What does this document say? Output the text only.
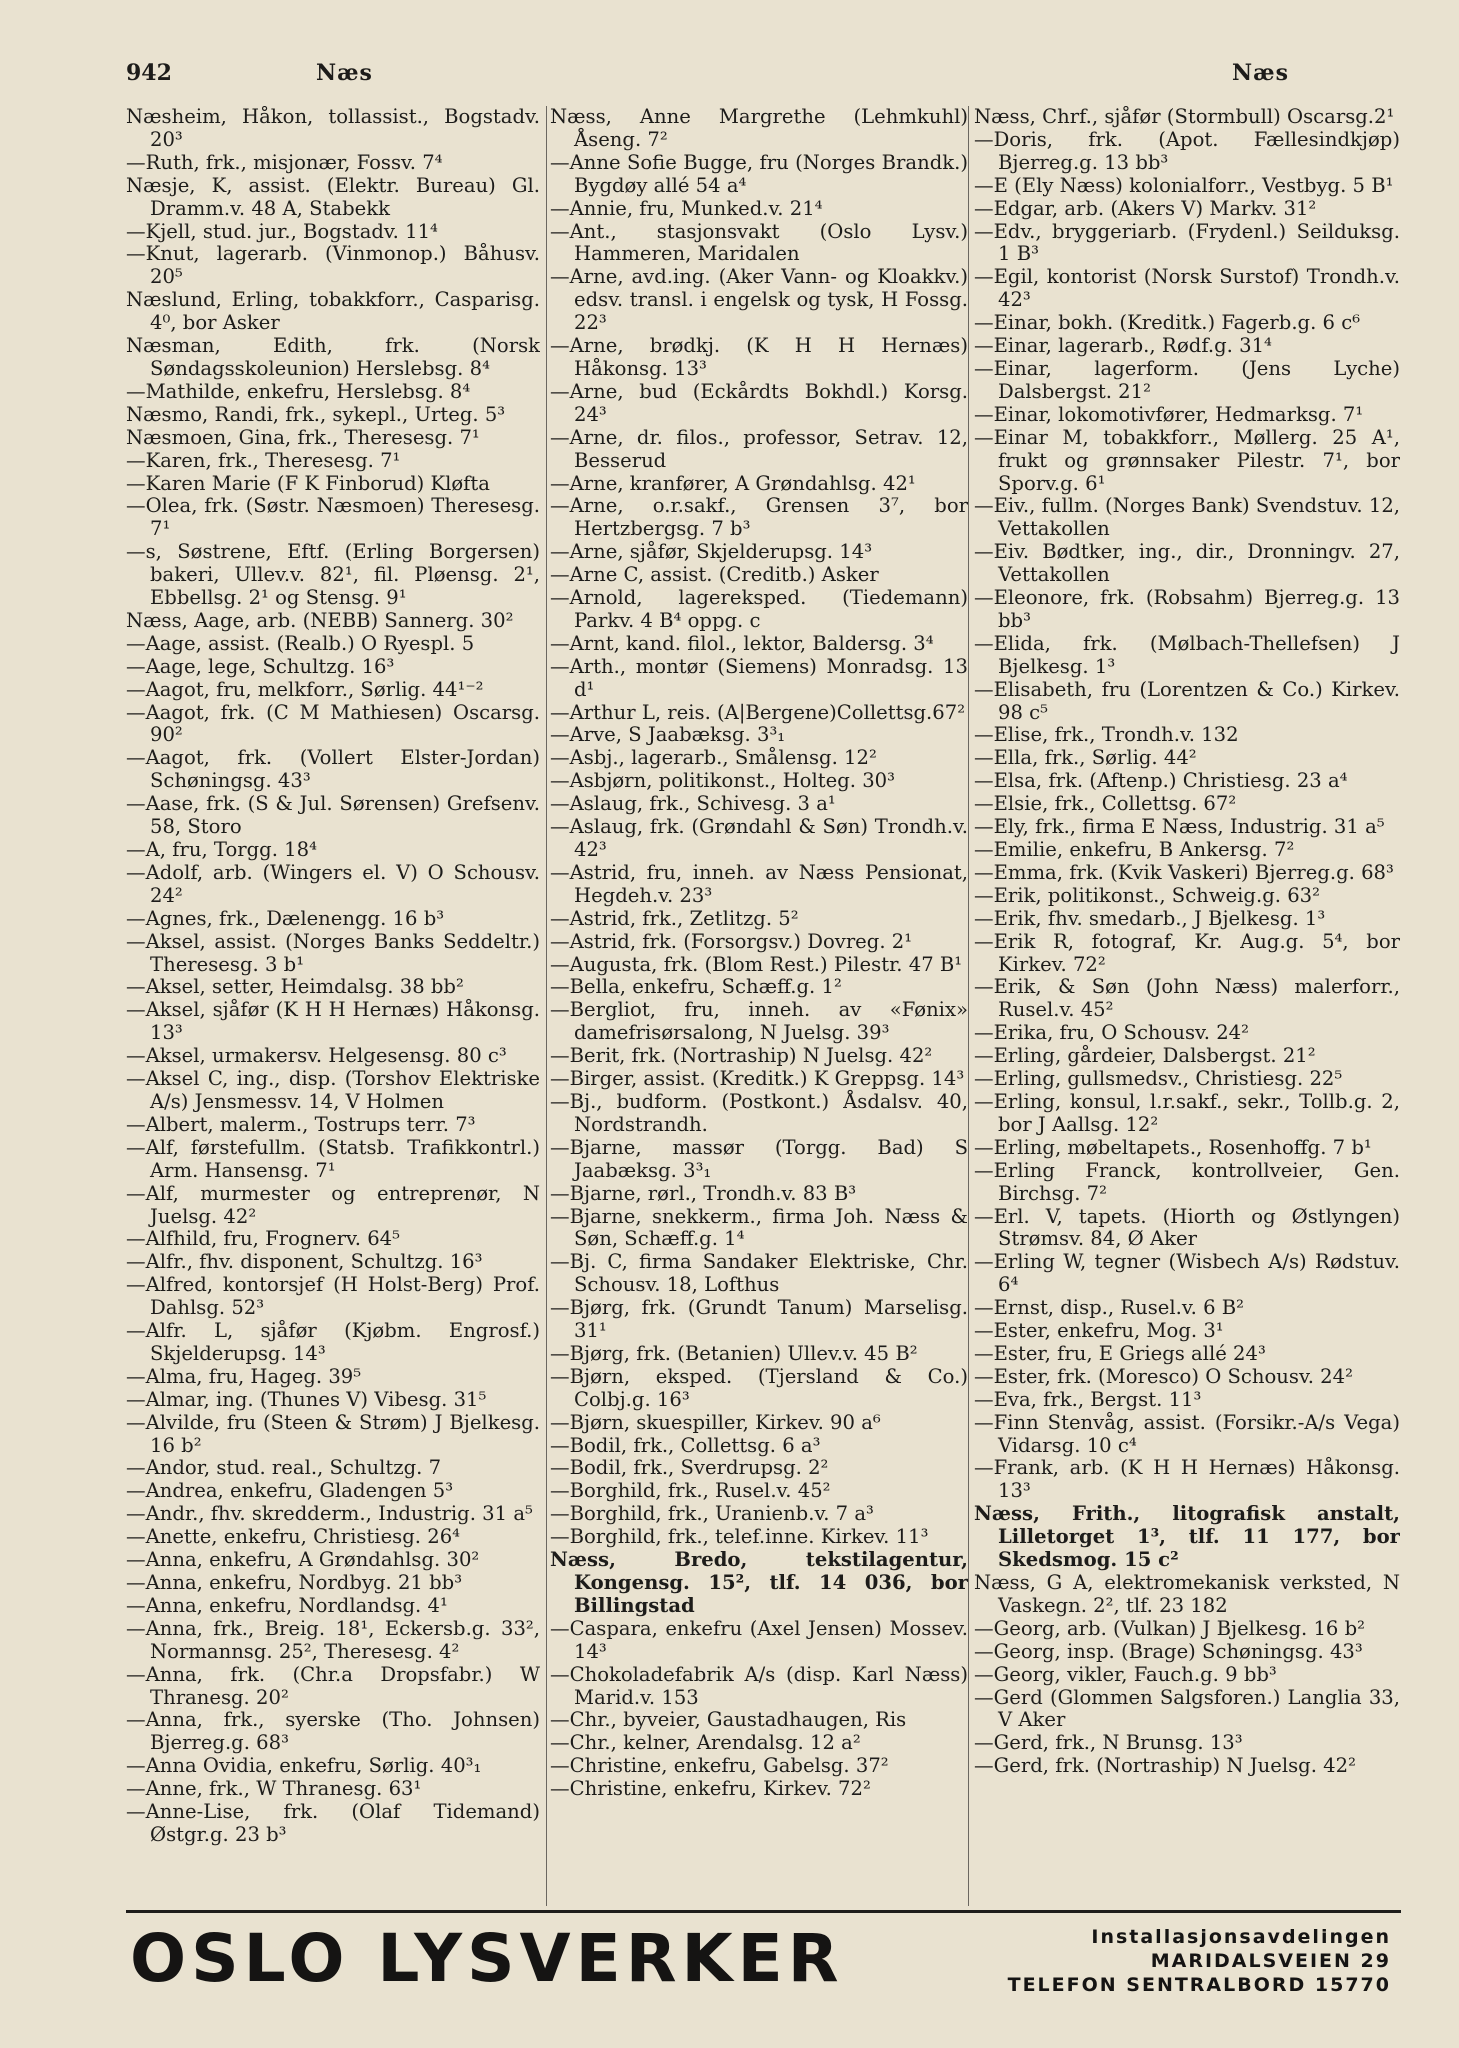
942	Næs	Næs

Næsheim, Håkon, tollassist., Bogstadv. 20³

—Ruth, frk., misjonær, Fossv. 7⁴

Næsje, K, assist. (Elektr. Bureau) Gl. Dramm.v. 48 A, Stabekk

—Kjell, stud. jur., Bogstadv. 11⁴

—Knut, lagerarb. (Vinmonop.) Båhusv. 20⁵

Næslund, Erling, tobakkforr., Casparisg. 4⁰, bor Asker

Næsman, Edith, frk. (Norsk Søndagsskoleunion) Herslebsg. 8⁴

—Mathilde, enkefru, Herslebsg. 8⁴

Næsmo, Randi, frk., sykepl., Urteg. 5³

Næsmoen, Gina, frk., Theresesg. 7¹

—Karen, frk., Theresesg. 7¹

—Karen Marie (F K Finborud) Kløfta

—Olea, frk. (Søstr. Næsmoen) Theresesg. 7¹

—s, Søstrene, Eftf. (Erling Borgersen) bakeri, Ullev.v. 82¹, fil. Pløensg. 2¹, Ebbellsg. 2¹ og Stensg. 9¹

Næss, Aage, arb. (NEBB) Sannerg. 30²

—Aage, assist. (Realb.) O Ryespl. 5

—Aage, lege, Schultzg. 16³

—Aagot, fru, melkforr., Sørlig. 44¹⁻²

—Aagot, frk. (C M Mathiesen) Oscarsg. 90²

—Aagot, frk. (Vollert Elster-Jordan) Schøningsg. 43³

—Aase, frk. (S & Jul. Sørensen) Grefsenv. 58, Storo

—A, fru, Torgg. 18⁴

—Adolf, arb. (Wingers el. V) O Schousv. 24²

—Agnes, frk., Dælenengg. 16 b³

—Aksel, assist. (Norges Banks Seddeltr.) Theresesg. 3 b¹

—Aksel, setter, Heimdalsg. 38 bb²

—Aksel, sjåfør (K H H Hernæs) Håkonsg. 13³

—Aksel, urmakersv. Helgesensg. 80 c³

—Aksel C, ing., disp. (Torshov Elektriske A/s) Jensmessv. 14, V Holmen

—Albert, malerm., Tostrups terr. 7³

—Alf, førstefullm. (Statsb. Trafikkontrl.) Arm. Hansensg. 7¹

—Alf, murmester og entreprenør, N Juelsg. 42²

—Alfhild, fru, Frognerv. 64⁵

—Alfr., fhv. disponent, Schultzg. 16³

—Alfred, kontorsjef (H Holst-Berg) Prof. Dahlsg. 52³

—Alfr. L, sjåfør (Kjøbm. Engrosf.) Skjelderupsg. 14³

—Alma, fru, Hageg. 39⁵

—Almar, ing. (Thunes V) Vibesg. 31⁵

—Alvilde, fru (Steen & Strøm) J Bjelkesg. 16 b²

—Andor, stud. real., Schultzg. 7

—Andrea, enkefru, Gladengen 5³

—Andr., fhv. skredderm., Industrig. 31 a⁵

—Anette, enkefru, Christiesg. 26⁴

—Anna, enkefru, A Grøndahlsg. 30²

—Anna, enkefru, Nordbyg. 21 bb³

—Anna, enkefru, Nordlandsg. 4¹

—Anna, frk., Breig. 18¹, Eckersb.g. 33², Normannsg. 25², Theresesg. 4²

—Anna, frk. (Chr.a Dropsfabr.) W Thranesg. 20²

—Anna, frk., syerske (Tho. Johnsen) Bjerreg.g. 68³

—Anna Ovidia, enkefru, Sørlig. 40³₁

—Anne, frk., W Thranesg. 63¹

—Anne-Lise, frk. (Olaf Tidemand) Østgr.g. 23 b³

Næss, Anne Margrethe (Lehmkuhl) Åseng. 7²

—Anne Sofie Bugge, fru (Norges Brandk.) Bygdøy allé 54 a⁴

—Annie, fru, Munked.v. 21⁴

—Ant., stasjonsvakt (Oslo Lysv.) Hammeren, Maridalen

—Arne, avd.ing. (Aker Vann- og Kloakkv.) edsv. transl. i engelsk og tysk, H Fossg. 22³

—Arne, brødkj. (K H H Hernæs) Håkonsg. 13³

—Arne, bud (Eckårdts Bokhdl.) Korsg. 24³

—Arne, dr. filos., professor, Setrav. 12, Besserud

—Arne, kranfører, A Grøndahlsg. 42¹

—Arne, o.r.sakf., Grensen 3⁷, bor Hertzbergsg. 7 b³

—Arne, sjåfør, Skjelderupsg. 14³

—Arne C, assist. (Creditb.) Asker

—Arnold, lagereksped. (Tiedemann) Parkv. 4 B⁴ oppg. c

—Arnt, kand. filol., lektor, Baldersg. 3⁴

—Arth., montør (Siemens) Monradsg. 13 d¹

—Arthur L, reis. (A|Bergene)Collettsg.67²

—Arve, S Jaabæksg. 3³₁

—Asbj., lagerarb., Smålensg. 12²

—Asbjørn, politikonst., Holteg. 30³

—Aslaug, frk., Schivesg. 3 a¹

—Aslaug, frk. (Grøndahl & Søn) Trondh.v. 42³

—Astrid, fru, inneh. av Næss Pensionat, Hegdeh.v. 23³

—Astrid, frk., Zetlitzg. 5²

—Astrid, frk. (Forsorgsv.) Dovreg. 2¹

—Augusta, frk. (Blom Rest.) Pilestr. 47 B¹

—Bella, enkefru, Schæff.g. 1²

—Bergliot, fru, inneh. av «Fønix» damefrisørsalong, N Juelsg. 39³

—Berit, frk. (Nortraship) N Juelsg. 42²

—Birger, assist. (Kreditk.) K Greppsg. 14³

—Bj., budform. (Postkont.) Åsdalsv. 40, Nordstrandh.

—Bjarne, massør (Torgg. Bad) S Jaabæksg. 3³₁

—Bjarne, rørl., Trondh.v. 83 B³

—Bjarne, snekkerm., firma Joh. Næss & Søn, Schæff.g. 1⁴

—Bj. C, firma Sandaker Elektriske, Chr. Schousv. 18, Lofthus

—Bjørg, frk. (Grundt Tanum) Marselisg. 31¹

—Bjørg, frk. (Betanien) Ullev.v. 45 B²

—Bjørn, eksped. (Tjersland & Co.) Colbj.g. 16³

—Bjørn, skuespiller, Kirkev. 90 a⁶

—Bodil, frk., Collettsg. 6 a³

—Bodil, frk., Sverdrupsg. 2²

—Borghild, frk., Rusel.v. 45²

—Borghild, frk., Uranienb.v. 7 a³

—Borghild, frk., telef.inne. Kirkev. 11³

Næss, Bredo, tekstilagentur, Kongensg. 15², tlf. 14 036, bor Billingstad

—Caspara, enkefru (Axel Jensen) Mossev. 14³

—Chokoladefabrik A/s (disp. Karl Næss) Marid.v. 153

—Chr., byveier, Gaustadhaugen, Ris

—Chr., kelner, Arendalsg. 12 a²

—Christine, enkefru, Gabelsg. 37²

—Christine, enkefru, Kirkev. 72²

Næss, Chrf., sjåfør (Stormbull) Oscarsg.2¹

—Doris, frk. (Apot. Fællesindkjøp) Bjerreg.g. 13 bb³

—E (Ely Næss) kolonialforr., Vestbyg. 5 B¹

—Edgar, arb. (Akers V) Markv. 31²

—Edv., bryggeriarb. (Frydenl.) Seilduksg. 1 B³

—Egil, kontorist (Norsk Surstof) Trondh.v. 42³

—Einar, bokh. (Kreditk.) Fagerb.g. 6 c⁶

—Einar, lagerarb., Rødf.g. 31⁴

—Einar, lagerform. (Jens Lyche) Dalsbergst. 21²

—Einar, lokomotivfører, Hedmarksg. 7¹

—Einar M, tobakkforr., Møllerg. 25 A¹, frukt og grønnsaker Pilestr. 7¹, bor Sporv.g. 6¹

—Eiv., fullm. (Norges Bank) Svendstuv. 12, Vettakollen

—Eiv. Bødtker, ing., dir., Dronningv. 27, Vettakollen

—Eleonore, frk. (Robsahm) Bjerreg.g. 13 bb³

—Elida, frk. (Mølbach-Thellefsen) J Bjelkesg. 1³

—Elisabeth, fru (Lorentzen & Co.) Kirkev. 98 c⁵

—Elise, frk., Trondh.v. 132

—Ella, frk., Sørlig. 44²

—Elsa, frk. (Aftenp.) Christiesg. 23 a⁴

—Elsie, frk., Collettsg. 67²

—Ely, frk., firma E Næss, Industrig. 31 a⁵

—Emilie, enkefru, B Ankersg. 7²

—Emma, frk. (Kvik Vaskeri) Bjerreg.g. 68³

—Erik, politikonst., Schweig.g. 63²

—Erik, fhv. smedarb., J Bjelkesg. 1³

—Erik R, fotograf, Kr. Aug.g. 5⁴, bor Kirkev. 72²

—Erik, & Søn (John Næss) malerforr., Rusel.v. 45²

—Erika, fru, O Schousv. 24²

—Erling, gårdeier, Dalsbergst. 21²

—Erling, gullsmedsv., Christiesg. 22⁵

—Erling, konsul, l.r.sakf., sekr., Tollb.g. 2, bor J Aallsg. 12²

—Erling, møbeltapets., Rosenhoffg. 7 b¹

—Erling Franck, kontrollveier, Gen. Birchsg. 7²

—Erl. V, tapets. (Hiorth og Østlyngen) Strømsv. 84, Ø Aker

—Erling W, tegner (Wisbech A/s) Rødstuv. 6⁴

—Ernst, disp., Rusel.v. 6 B²

—Ester, enkefru, Mog. 3¹

—Ester, fru, E Griegs allé 24³

—Ester, frk. (Moresco) O Schousv. 24²

—Eva, frk., Bergst. 11³

—Finn Stenvåg, assist. (Forsikr.-A/s Vega) Vidarsg. 10 c⁴

—Frank, arb. (K H H Hernæs) Håkonsg. 13³

Næss, Frith., litografisk anstalt, Lilletorget 1³, tlf. 11 177, bor Skedsmog. 15 c²

Næss, G A, elektromekanisk verksted, N Vaskegn. 2², tlf. 23 182

—Georg, arb. (Vulkan) J Bjelkesg. 16 b²

—Georg, insp. (Brage) Schøningsg. 43³

—Georg, vikler, Fauch.g. 9 bb³

—Gerd (Glommen Salgsforen.) Langlia 33, V Aker

—Gerd, frk., N Brunsg. 13³

—Gerd, frk. (Nortraship) N Juelsg. 42²

OSLO LYSVERKER	Installasjonsavdelingen
MARIDALSVEIEN 29
TELEFON SENTRALBORD 15770
